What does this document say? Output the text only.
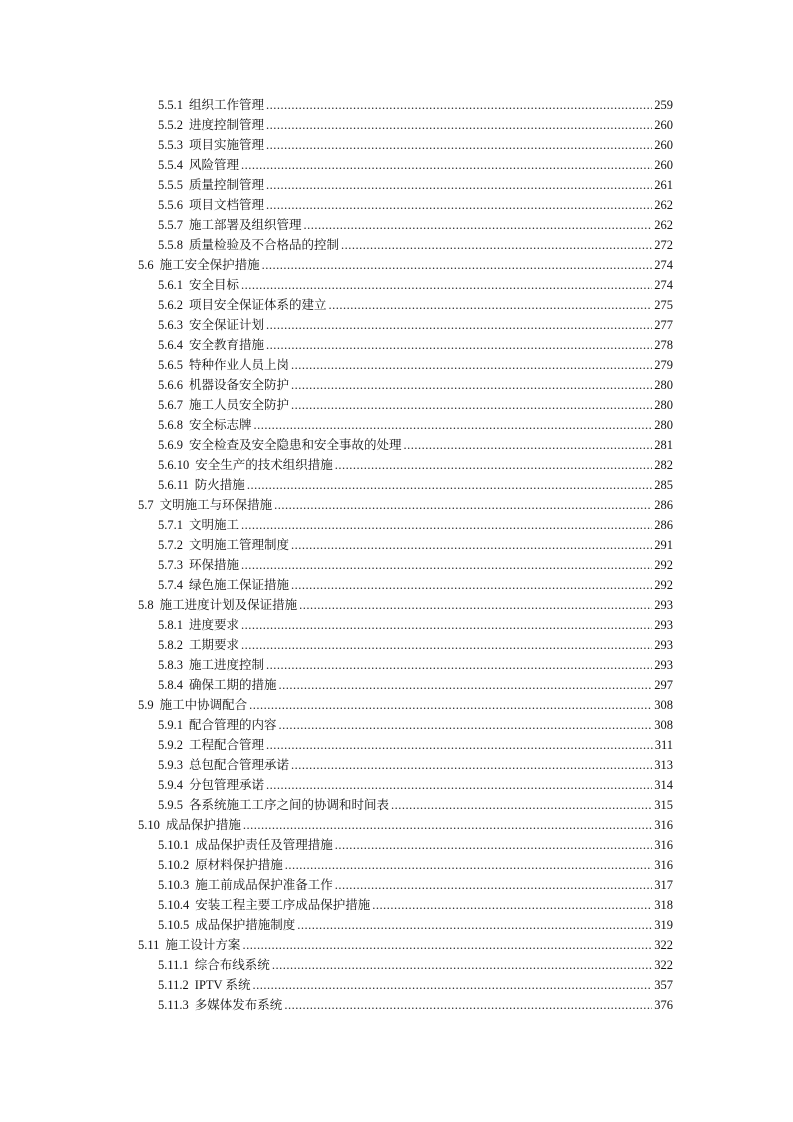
5.5.1 组织工作管理 .....	259
5.5.2 进度控制管理 .....	260
5.5.3 项目实施管理 .....	260
5.5.4 风险管理 .....	260
5.5.5 质量控制管理 .....	261
5.5.6 项目文档管理 .....	262
5.5.7 施工部署及组织管理 .....	262
5.5.8 质量检验及不合格品的控制 .....	272
5.6 施工安全保护措施 .....	274
5.6.1 安全目标 .....	274
5.6.2 项目安全保证体系的建立 .....	275
5.6.3 安全保证计划 .....	277
5.6.4 安全教育措施 .....	278
5.6.5 特种作业人员上岗 .....	279
5.6.6 机器设备安全防护 .....	280
5.6.7 施工人员安全防护 .....	280
5.6.8 安全标志牌 .....	280
5.6.9 安全检查及安全隐患和安全事故的处理 .....	281
5.6.10 安全生产的技术组织措施 .....	282
5.6.11 防火措施 .....	285
5.7 文明施工与环保措施 .....	286
5.7.1 文明施工 .....	286
5.7.2 文明施工管理制度 .....	291
5.7.3 环保措施 .....	292
5.7.4 绿色施工保证措施 .....	292
5.8 施工进度计划及保证措施 .....	293
5.8.1 进度要求 .....	293
5.8.2 工期要求 .....	293
5.8.3 施工进度控制 .....	293
5.8.4 确保工期的措施 .....	297
5.9 施工中协调配合 .....	308
5.9.1 配合管理的内容 .....	308
5.9.2 工程配合管理 .....	311
5.9.3 总包配合管理承诺 .....	313
5.9.4 分包管理承诺 .....	314
5.9.5 各系统施工工序之间的协调和时间表 .....	315
5.10 成品保护措施 .....	316
5.10.1 成品保护责任及管理措施 .....	316
5.10.2 原材料保护措施 .....	316
5.10.3 施工前成品保护准备工作 .....	317
5.10.4 安装工程主要工序成品保护措施 .....	318
5.10.5 成品保护措施制度 .....	319
5.11 施工设计方案 .....	322
5.11.1 综合布线系统 .....	322
5.11.2 IPTV 系统 .....	357
5.11.3 多媒体发布系统 .....	376
